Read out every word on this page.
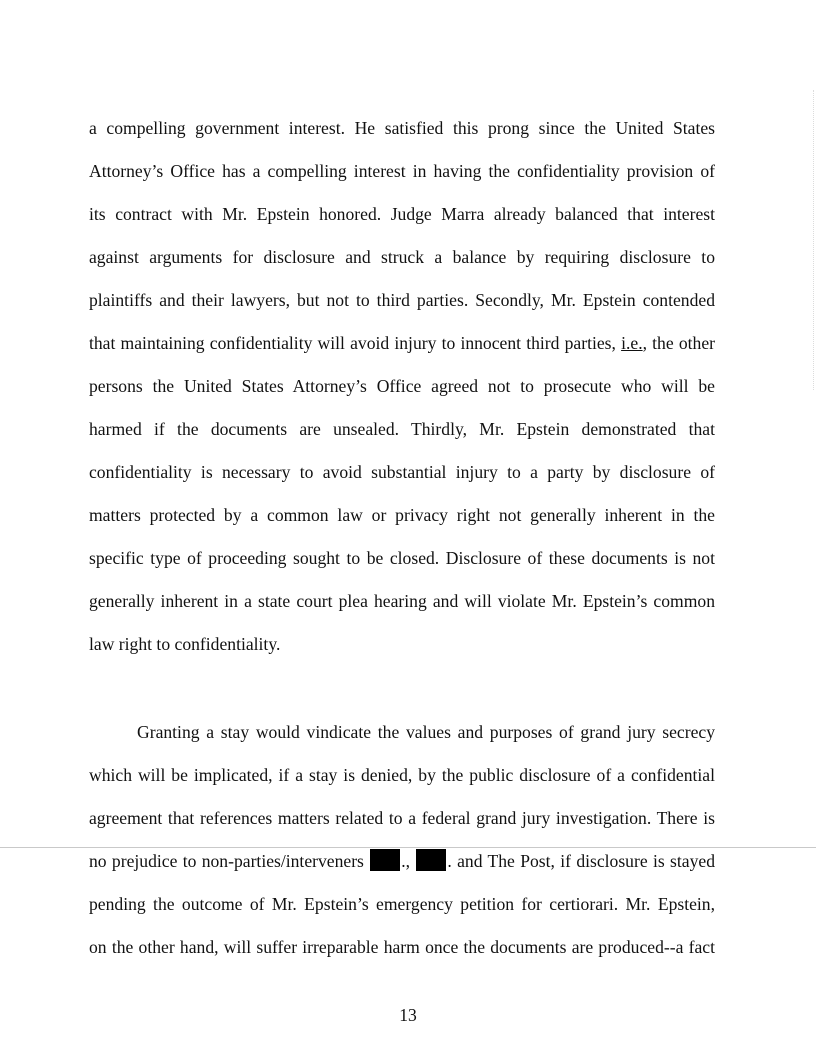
a compelling government interest. He satisfied this prong since the United States
Attorney’s Office has a compelling interest in having the confidentiality provision of
its contract with Mr. Epstein honored. Judge Marra already balanced that interest
against arguments for disclosure and struck a balance by requiring disclosure to
plaintiffs and their lawyers, but not to third parties. Secondly, Mr. Epstein contended
that maintaining confidentiality will avoid injury to innocent third parties, i.e., the other
persons the United States Attorney’s Office agreed not to prosecute who will be
harmed if the documents are unsealed. Thirdly, Mr. Epstein demonstrated that
confidentiality is necessary to avoid substantial injury to a party by disclosure of
matters protected by a common law or privacy right not generally inherent in the
specific type of proceeding sought to be closed. Disclosure of these documents is not
generally inherent in a state court plea hearing and will violate Mr. Epstein’s common
law right to confidentiality.
Granting a stay would vindicate the values and purposes of grand jury secrecy
which will be implicated, if a stay is denied, by the public disclosure of a confidential
agreement that references matters related to a federal grand jury investigation. There is
no prejudice to non-parties/interveners ., . and The Post, if disclosure is stayed
pending the outcome of Mr. Epstein’s emergency petition for certiorari. Mr. Epstein,
on the other hand, will suffer irreparable harm once the documents are produced--a fact
13
